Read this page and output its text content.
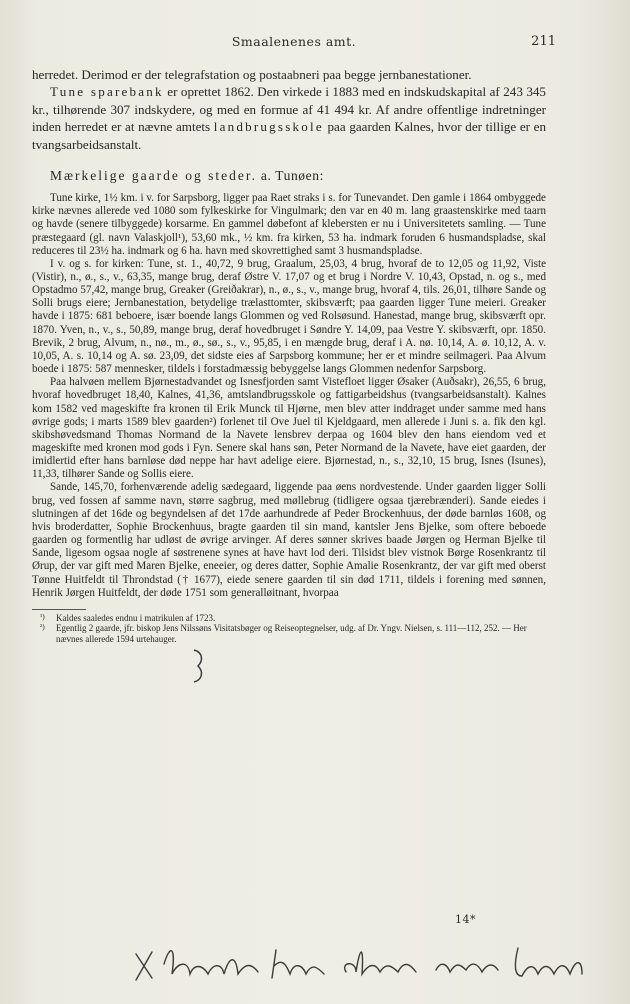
Smaalenenes amt.	211

herredet. Derimod er der telegrafstation og postaabneri paa begge jernbanestationer.

Tune sparebank er oprettet 1862. Den virkede i 1883 med en indskudskapital af 243 345 kr., tilhørende 307 indskydere, og med en formue af 41 494 kr. Af andre offentlige indretninger inden herredet er at nævne amtets landbrugsskole paa gaarden Kalnes, hvor der tillige er en tvangsarbeidsanstalt.

Mærkelige gaarde og steder. a. Tunøen:

Tune kirke, 1½ km. i v. for Sarpsborg, ligger paa Raet straks i s. for Tunevandet. Den gamle i 1864 ombyggede kirke nævnes allerede ved 1080 som fylkeskirke for Vingulmark; den var en 40 m. lang graastenskirke med taarn og havde (senere tilbyggede) korsarme. En gammel døbefont af klebersten er nu i Universitetets samling. — Tune præstegaard (gl. navn Valaskjoll¹), 53,60 mk., ½ km. fra kirken, 53 ha. indmark foruden 6 husmandspladse, skal reduceres til 23½ ha. indmark og 6 ha. havn med skovrettighed samt 3 husmandspladse.

I v. og s. for kirken: Tune, st. 1., 40,72, 9 brug, Graalum, 25,03, 4 brug, hvoraf de to 12,05 og 11,92, Viste (Vistir), n., ø., s., v., 63,35, mange brug, deraf Østre V. 17,07 og et brug i Nordre V. 10,43, Opstad, n. og s., med Opstadmo 57,42, mange brug, Greaker (Greiðakrar), n., ø., s., v., mange brug, hvoraf 4, tils. 26,01, tilhøre Sande og Solli brugs eiere; Jernbanestation, betydelige trælasttomter, skibsværft; paa gaarden ligger Tune meieri. Greaker havde i 1875: 681 beboere, især boende langs Glommen og ved Rolsøsund. Hanestad, mange brug, skibsværft opr. 1870. Yven, n., v., s., 50,89, mange brug, deraf hovedbruget i Søndre Y. 14,09, paa Vestre Y. skibsværft, opr. 1850. Brevik, 2 brug, Alvum, n., nø., m., ø., sø., s., v., 95,85, i en mængde brug, deraf i A. nø. 10,14, A. ø. 10,12, A. v. 10,05, A. s. 10,14 og A. sø. 23,09, det sidste eies af Sarpsborg kommune; her er et mindre seilmageri. Paa Alvum boede i 1875: 587 mennesker, tildels i forstadmæssig bebyggelse langs Glommen nedenfor Sarpsborg.

Paa halvøen mellem Bjørnestadvandet og Isnesfjorden samt Vistefloet ligger Øsaker (Auðsakr), 26,55, 6 brug, hvoraf hovedbruget 18,40, Kalnes, 41,36, amtslandbrugsskole og fattigarbeidshus (tvangsarbeidsanstalt). Kalnes kom 1582 ved mageskifte fra kronen til Erik Munck til Hjørne, men blev atter inddraget under samme med hans øvrige gods; i marts 1589 blev gaarden²) forlenet til Ove Juel til Kjeldgaard, men allerede i Juni s. a. fik den kgl. skibshøvedsmand Thomas Normand de la Navete lensbrev derpaa og 1604 blev den hans eiendom ved et mageskifte med kronen mod gods i Fyn. Senere skal hans søn, Peter Normand de la Navete, have eiet gaarden, der imidlertid efter hans barnløse død neppe har havt adelige eiere. Bjørnestad, n., s., 32,10, 15 brug, Isnes (Isunes), 11,33, tilhører Sande og Sollis eiere.

Sande, 145,70, forhenværende adelig sædegaard, liggende paa øens nordvestende. Under gaarden ligger Solli brug, ved fossen af samme navn, større sagbrug, med møllebrug (tidligere ogsaa tjærebrænderi). Sande eiedes i slutningen af det 16de og begyndelsen af det 17de aarhundrede af Peder Brockenhuus, der døde barnløs 1608, og hvis broderdatter, Sophie Brockenhuus, bragte gaarden til sin mand, kantsler Jens Bjelke, som oftere beboede gaarden og formentlig har udløst de øvrige arvinger. Af deres sønner skrives baade Jørgen og Herman Bjelke til Sande, ligesom ogsaa nogle af søstrenene synes at have havt lod deri. Tilsidst blev vistnok Børge Rosenkrantz til Ørup, der var gift med Maren Bjelke, eneeier, og deres datter, Sophie Amalie Rosenkrantz, der var gift med oberst Tønne Huitfeldt til Throndstad († 1677), eiede senere gaarden til sin død 1711, tildels i forening med sønnen, Henrik Jørgen Huitfeldt, der døde 1751 som generalløitnant, hvorpaa

¹) Kaldes saaledes endnu i matrikulen af 1723.

²) Egentlig 2 gaarde, jfr. biskop Jens Nilssøns Visitatsbøger og Reiseoptegnelser, udg. af Dr. Yngv. Nielsen, s. 111—112, 252. — Her nævnes allerede 1594 urtehauger.

14*
